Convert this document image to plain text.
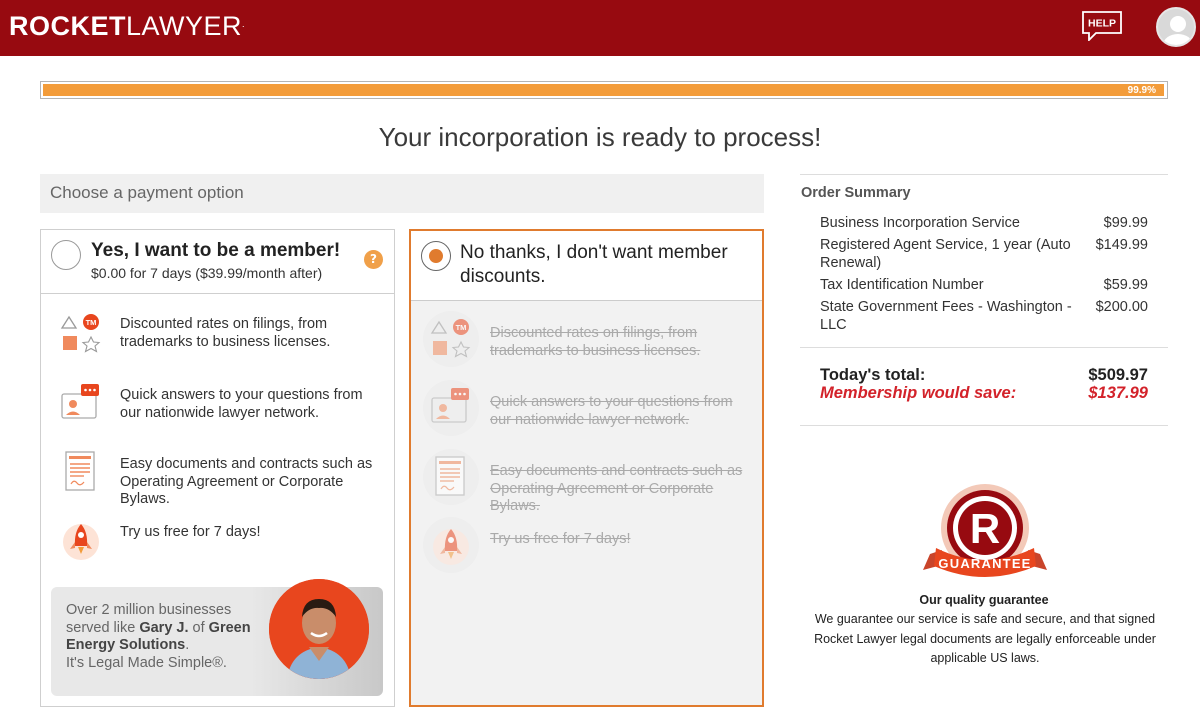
ROCKETLAWYER.	HELP
99.9%
Your incorporation is ready to process!
Choose a payment option
Yes, I want to be a member!
$0.00 for 7 days ($39.99/month after)
?
TM Discounted rates on filings, from trademarks to business licenses.
Quick answers to your questions from our nationwide lawyer network.
Easy documents and contracts such as Operating Agreement or Corporate Bylaws.
Try us free for 7 days!
Over 2 million businesses served like Gary J. of Green Energy Solutions.
It's Legal Made Simple®.
No thanks, I don't want member discounts.
TM Discounted rates on filings, from trademarks to business licenses.
Quick answers to your questions from our nationwide lawyer network.
Easy documents and contracts such as Operating Agreement or Corporate Bylaws.
Try us free for 7 days!
Order Summary
Business Incorporation Service	$99.99
Registered Agent Service, 1 year (Auto Renewal)
$149.99
Tax Identification Number	$59.99
State Government Fees - Washington - LLC
$200.00
Today's total:	$509.97
Membership would save:	$137.99
R
GUARANTEE
Our quality guarantee
We guarantee our service is safe and secure, and that signed Rocket Lawyer legal documents are legally enforceable under applicable US laws.
